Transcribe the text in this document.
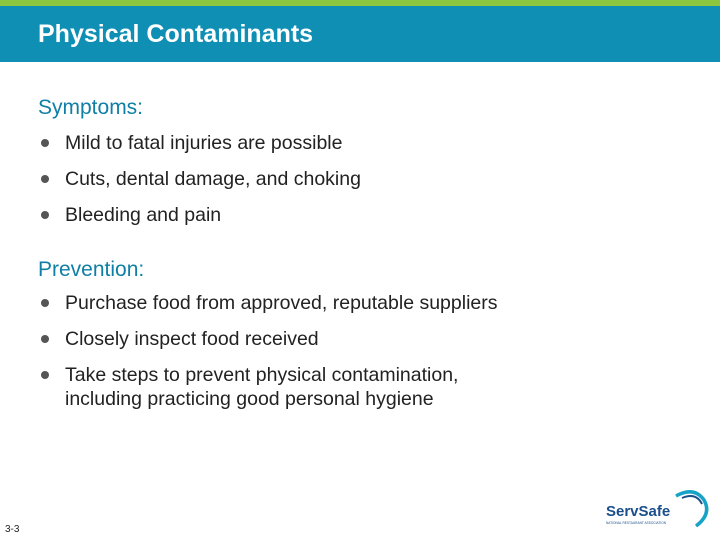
Physical Contaminants
Symptoms:
Mild to fatal injuries are possible
Cuts, dental damage, and choking
Bleeding and pain
Prevention:
Purchase food from approved, reputable suppliers
Closely inspect food received
Take steps to prevent physical contamination, including practicing good personal hygiene
3-3
ServSafe
NATIONAL RESTAURANT ASSOCIATION
